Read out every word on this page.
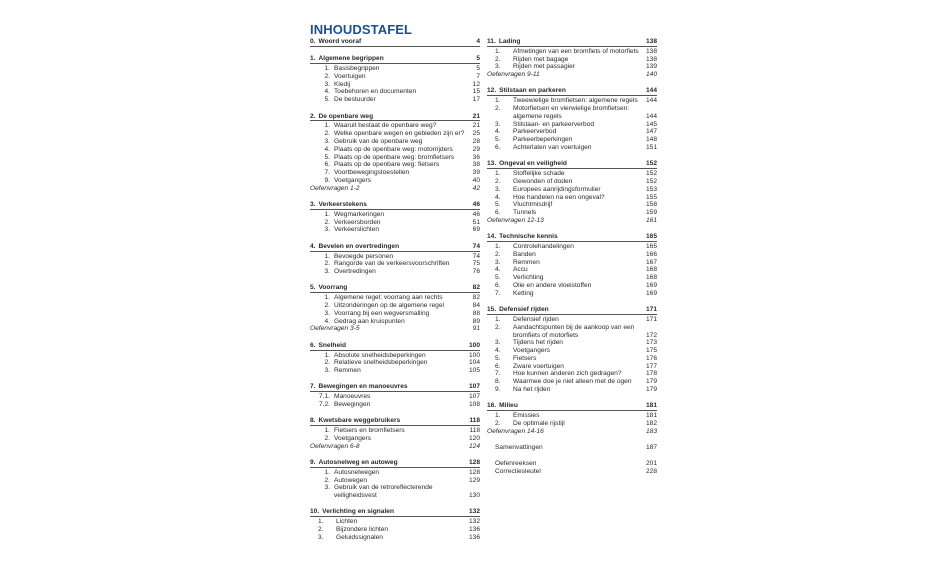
INHOUDSTAFEL
0. Woord vooraf	4
1. Algemene begrippen	5
1. Basisbegrippen	5
2. Voertuigen	7
3. Kledij	12
4. Toebehoren en documenten	15
5. De bestuurder	17
2. De openbare weg	21
1. Waaruit bestaat de openbare weg?	21
2. Welke openbare wegen en gebieden zijn er?	25
3. Gebruik van de openbare weg	28
4. Plaats op de openbare weg: motorrijders	29
5. Plaats op de openbare weg: bromfietsers	36
6. Plaats op de openbare weg: fietsers	38
7. Voortbewegingstoestellen	39
9. Voetgangers	40
Oefenvragen 1-2	42
3. Verkeerstekens	46
1. Wegmarkeringen	46
2. Verkeersborden	51
3. Verkeerslichten	69
4. Bevelen en overtredingen	74
1. Bevoegde personen	74
2. Rangorde van de verkeersvoorschriften	75
3. Overtredingen	76
5. Voorrang	82
1. Algemene regel: voorrang aan rechts	82
2. Uitzonderingen op de algemene regel	84
3. Voorrang bij een wegversmalling	88
4. Gedrag aan kruispunten	89
Oefenvragen 3-5	91
6. Snelheid	100
1. Absolute snelheidsbeperkingen	100
2. Relatieve snelheidsbeperkingen	104
3. Remmen	105
7. Bewegingen en manoeuvres	107
7.1. Manoeuvres	107
7.2. Bewegingen	108
8. Kwetsbare weggebruikers	118
1. Fietsers en bromfietsers	118
2. Voetgangers	120
Oefenvragen 6-8	124
9. Autosnelweg en autoweg	128
1. Autosnelwegen	128
2. Autowegen	129
3. Gebruik van de retroreflecterende
veiligheidsvest	130
10. Verlichting en signalen	132
1.	Lichten	132
2.	Bijzondere lichten	136
3.	Geluidssignalen	136
11. Lading	138
1.	Afmetingen van een bromfiets of motorfiets	138
2.	Rijden met bagage	138
3.	Rijden met passagier	139
Oefenvragen 9-11	140
12. Stilstaan en parkeren	144
1.	Tweewielige bromfietsen: algemene regels	144
2.	Motorfietsen en vierwielige bromfietsen:
algemene regels	144
3.	Stilstaan- en parkeerverbod	145
4.	Parkeerverbod	147
5.	Parkeerbeperkingen	148
6.	Achterlaten van voertuigen	151
13. Ongeval en veiligheid	152
1.	Stoffelijke schade	152
2.	Gewonden of doden	152
3.	Europees aanrijdingsformulier	153
4.	Hoe handelen na een ongeval?	155
5.	Vluchtmisdrijf	158
6.	Tunnels	159
Oefenvragen 12-13	161
14. Technische kennis	165
1.	Controlehandelingen	165
2.	Banden	166
3.	Remmen	167
4.	Accu	168
5.	Verlichting	168
6.	Olie en andere vloeistoffen	169
7.	Ketting	169
15. Defensief rijden	171
1.	Defensief rijden	171
2.	Aandachtspunten bij de aankoop van een
bromfiets of motorfiets	172
3.	Tijdens het rijden	173
4.	Voetgangers	175
5.	Fietsers	176
6.	Zware voertuigen	177
7.	Hoe kunnen anderen zich gedragen?	178
8.	Waarmee doe je niet alleen met de ogen	179
9.	Na het rijden	179
16. Milieu	181
1.	Emissies	181
2.	De optimale rijstijl	182
Oefenvragen 14-16	183
Samenvattingen	187
Oefenreeksen	201
Correctiesleutel	228
